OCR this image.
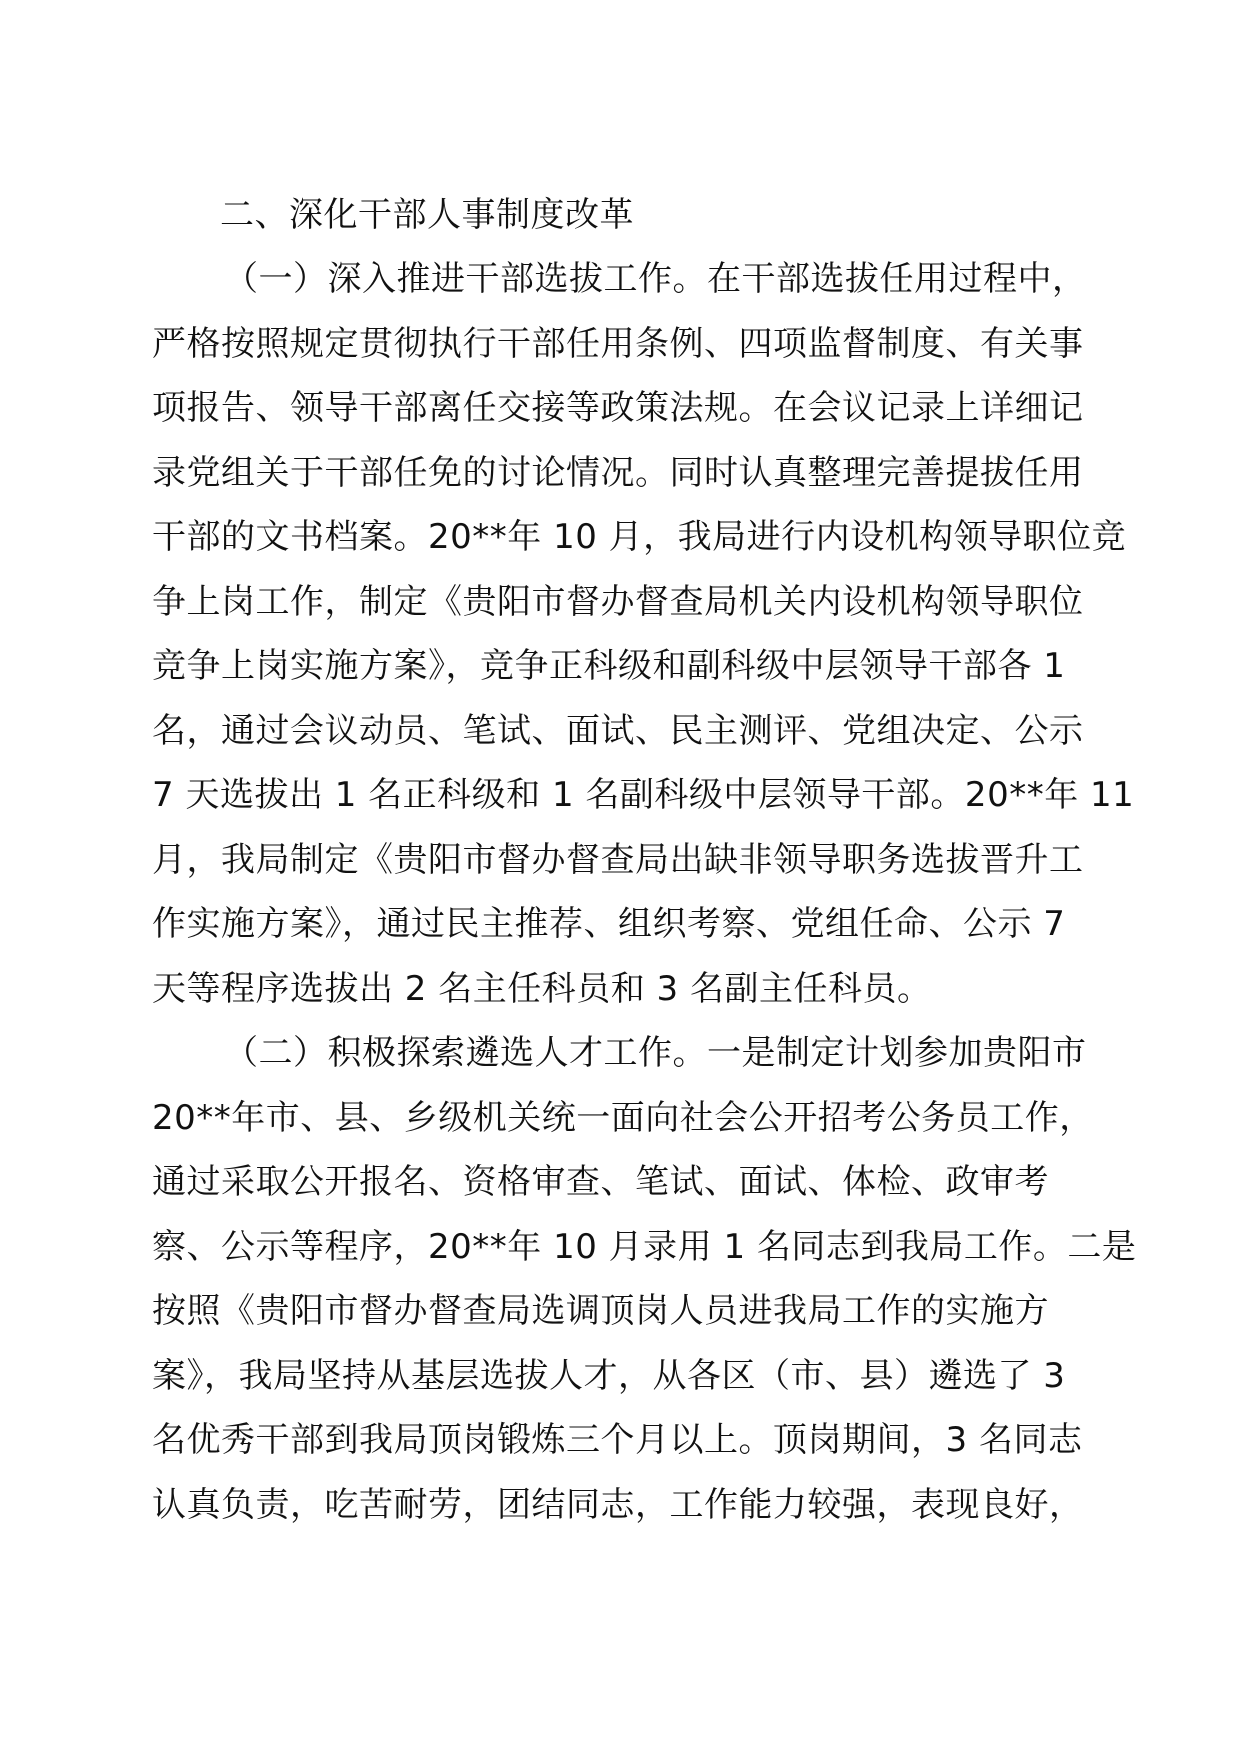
二、深化干部人事制度改革
（一）深入推进干部选拔工作。在干部选拔任用过程中，
严格按照规定贯彻执行干部任用条例、四项监督制度、有关事
项报告、领导干部离任交接等政策法规。在会议记录上详细记
录党组关于干部任免的讨论情况。同时认真整理完善提拔任用
干部的文书档案。20**年 10 月，我局进行内设机构领导职位竞
争上岗工作，制定《贵阳市督办督查局机关内设机构领导职位
竞争上岗实施方案》，竞争正科级和副科级中层领导干部各 1
名，通过会议动员、笔试、面试、民主测评、党组决定、公示
7 天选拔出 1 名正科级和 1 名副科级中层领导干部。20**年 11
月，我局制定《贵阳市督办督查局出缺非领导职务选拔晋升工
作实施方案》，通过民主推荐、组织考察、党组任命、公示 7
天等程序选拔出 2 名主任科员和 3 名副主任科员。
（二）积极探索遴选人才工作。一是制定计划参加贵阳市
20**年市、县、乡级机关统一面向社会公开招考公务员工作，
通过采取公开报名、资格审查、笔试、面试、体检、政审考
察、公示等程序，20**年 10 月录用 1 名同志到我局工作。二是
按照《贵阳市督办督查局选调顶岗人员进我局工作的实施方
案》，我局坚持从基层选拔人才，从各区（市、县）遴选了 3
名优秀干部到我局顶岗锻炼三个月以上。顶岗期间，3 名同志
认真负责，吃苦耐劳，团结同志，工作能力较强，表现良好，
